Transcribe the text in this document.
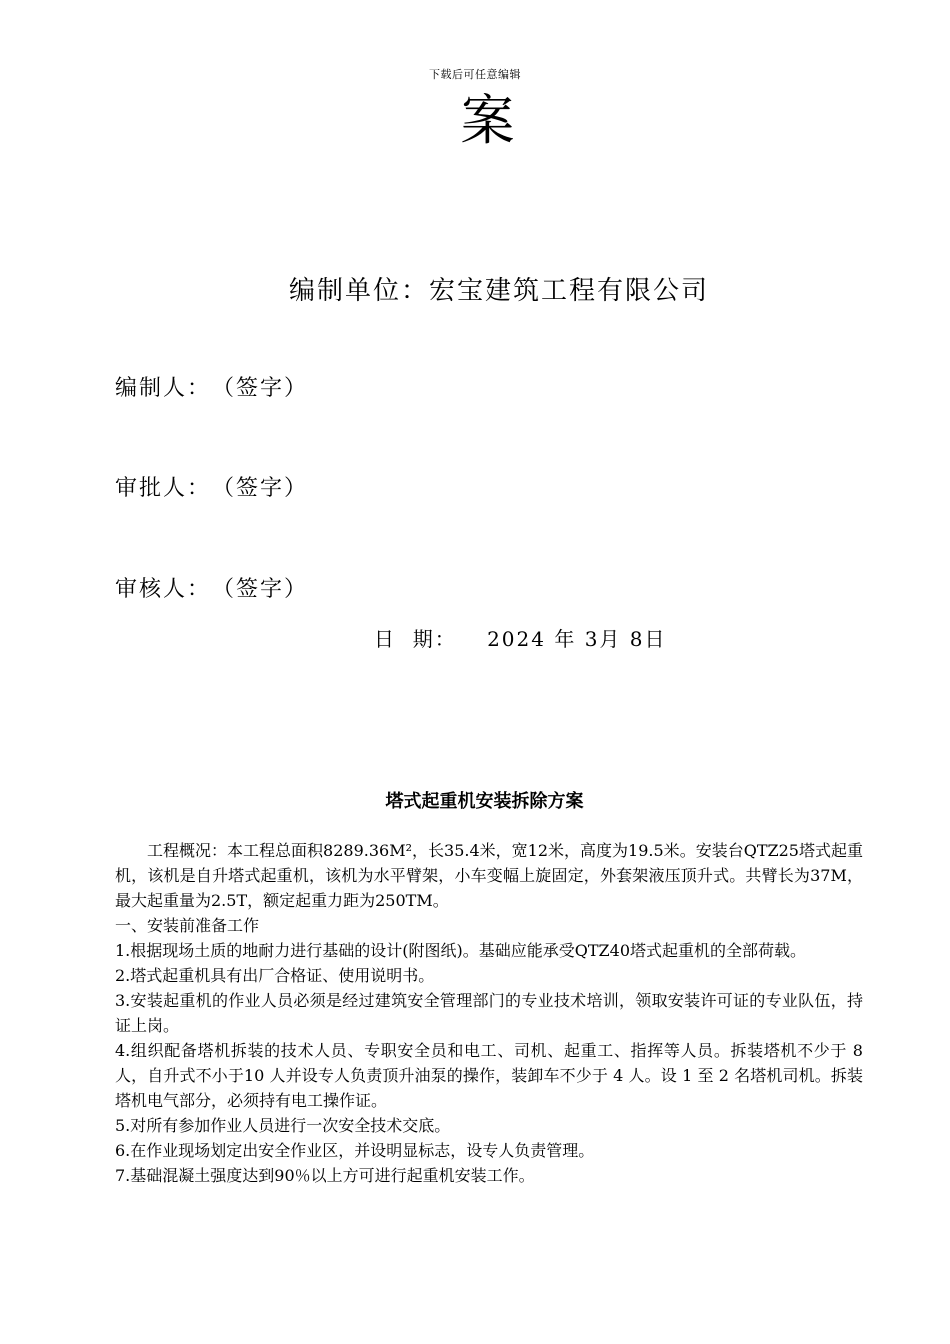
下载后可任意编辑
案
编制单位：宏宝建筑工程有限公司
编制人： （签字）
审批人： （签字）
审核人： （签字）
日  期： 2024 年 3月 8日
塔式起重机安装拆除方案

工程概况：本工程总面积8289.36M²，长35.4米，宽12米，高度为19.5米。安装台QTZ25塔式起重机，该机是自升塔式起重机，该机为水平臂架，小车变幅上旋固定，外套架液压顶升式。共臂长为37M，最大起重量为2.5T，额定起重力距为250TM。

一、安装前准备工作

1.根据现场土质的地耐力进行基础的设计(附图纸)。基础应能承受QTZ40塔式起重机的全部荷载。

2.塔式起重机具有出厂合格证、使用说明书。

3.安装起重机的作业人员必须是经过建筑安全管理部门的专业技术培训，领取安装许可证的专业队伍，持证上岗。

4.组织配备塔机拆装的技术人员、专职安全员和电工、司机、起重工、指挥等人员。拆装塔机不少于 8 人，自升式不小于10 人并设专人负责顶升油泵的操作，装卸车不少于 4 人。设 1 至 2 名塔机司机。拆装塔机电气部分，必须持有电工操作证。

5.对所有参加作业人员进行一次安全技术交底。

6.在作业现场划定出安全作业区，并设明显标志，设专人负责管理。

7.基础混凝土强度达到90％以上方可进行起重机安装工作。
